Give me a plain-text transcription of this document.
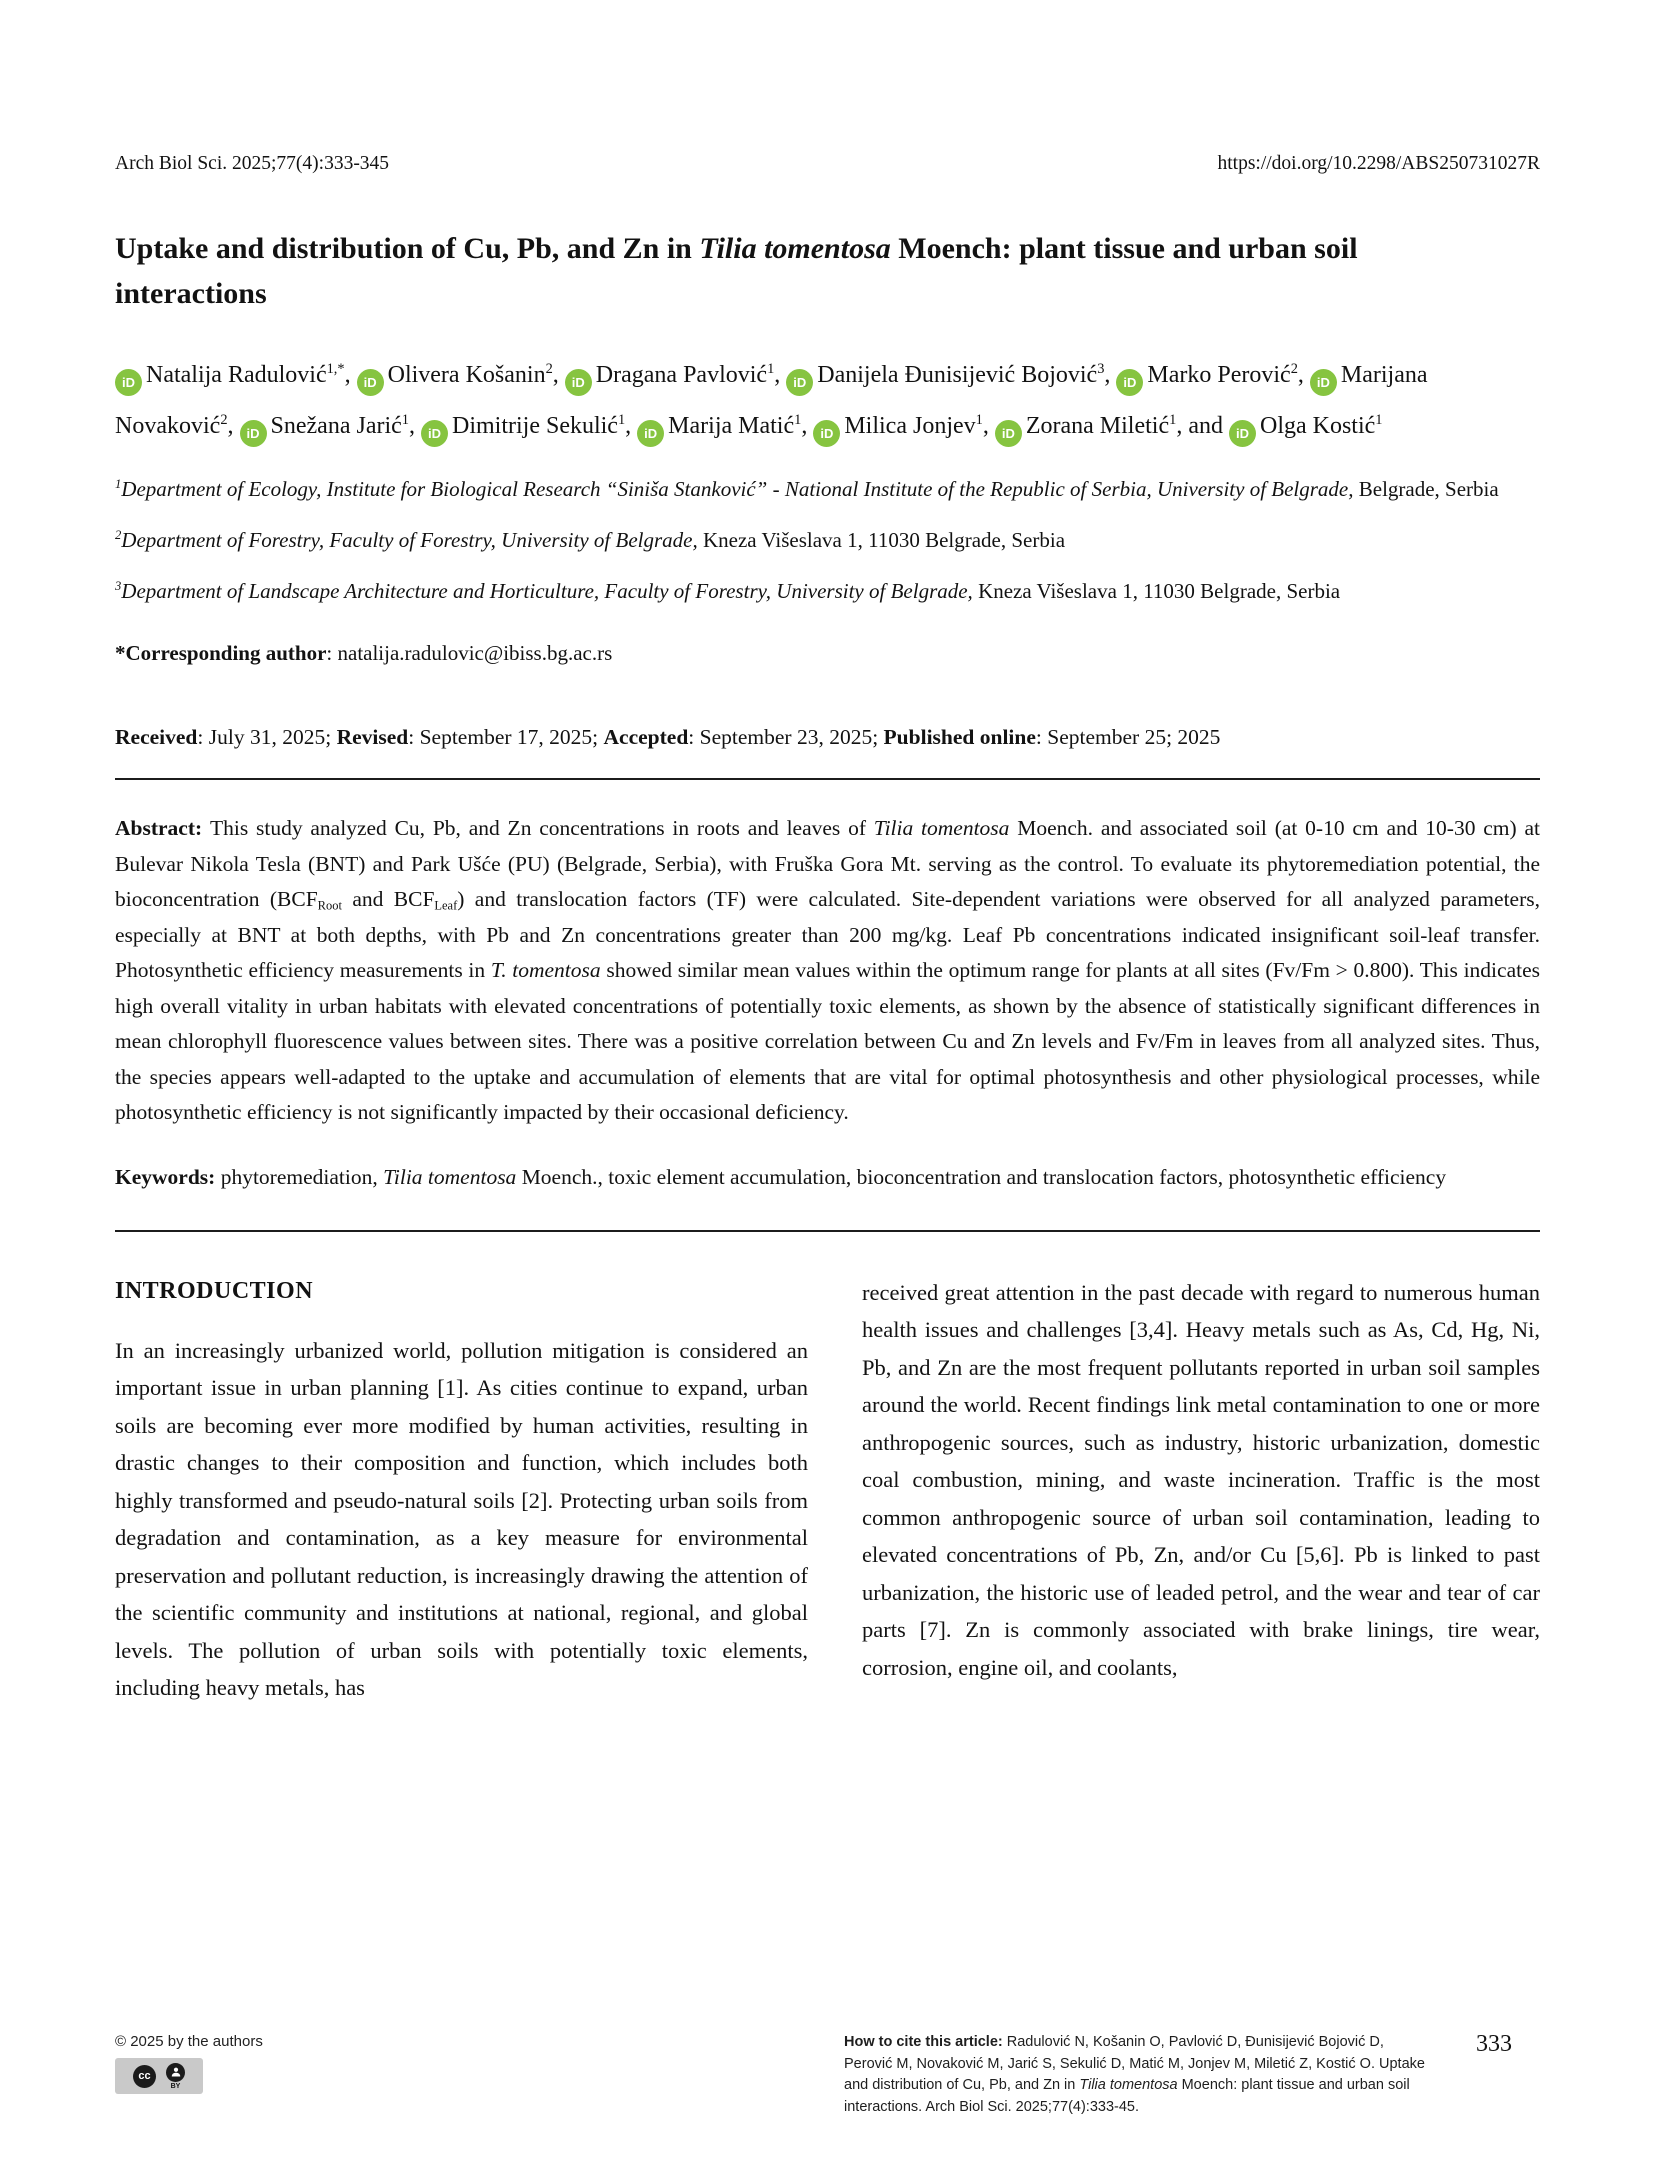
Arch Biol Sci. 2025;77(4):333-345	https://doi.org/10.2298/ABS250731027R
Uptake and distribution of Cu, Pb, and Zn in Tilia tomentosa Moench: plant tissue and urban soil interactions

iD Natalija Radulović$^{1,*}$, iD Olivera Košanin$^2$, iD Dragana Pavlović$^1$, iD Danijela Đunisijević Bojović$^3$, iD Marko Perović$^2$, iD Marijana Novaković$^2$, iD Snežana Jarić$^1$, iD Dimitrije Sekulić$^1$, iD Marija Matić$^1$, iD Milica Jonjev$^1$, iD Zorana Miletić$^1$, and iD Olga Kostić$^1$

$^1$Department of Ecology, Institute for Biological Research “Siniša Stanković” - National Institute of the Republic of Serbia, University of Belgrade, Belgrade, Serbia

$^2$Department of Forestry, Faculty of Forestry, University of Belgrade, Kneza Višeslava 1, 11030 Belgrade, Serbia

$^3$Department of Landscape Architecture and Horticulture, Faculty of Forestry, University of Belgrade, Kneza Višeslava 1, 11030 Belgrade, Serbia

*Corresponding author: natalija.radulovic@ibiss.bg.ac.rs

Received: July 31, 2025; Revised: September 17, 2025; Accepted: September 23, 2025; Published online: September 25; 2025

Abstract: This study analyzed Cu, Pb, and Zn concentrations in roots and leaves of Tilia tomentosa Moench. and associated soil (at 0-10 cm and 10-30 cm) at Bulevar Nikola Tesla (BNT) and Park Ušće (PU) (Belgrade, Serbia), with Fruška Gora Mt. serving as the control. To evaluate its phytoremediation potential, the bioconcentration ($BCF_{Root}$ and $BCF_{Leaf}$) and translocation factors (TF) were calculated. Site-dependent variations were observed for all analyzed parameters, especially at BNT at both depths, with Pb and Zn concentrations greater than 200 mg/kg. Leaf Pb concentrations indicated insignificant soil-leaf transfer. Photosynthetic efficiency measurements in T. tomentosa showed similar mean values within the optimum range for plants at all sites (Fv/Fm > 0.800). This indicates high overall vitality in urban habitats with elevated concentrations of potentially toxic elements, as shown by the absence of statistically significant differences in mean chlorophyll fluorescence values between sites. There was a positive correlation between Cu and Zn levels and Fv/Fm in leaves from all analyzed sites. Thus, the species appears well-adapted to the uptake and accumulation of elements that are vital for optimal photosynthesis and other physiological processes, while photosynthetic efficiency is not significantly impacted by their occasional deficiency.

Keywords: phytoremediation, Tilia tomentosa Moench., toxic element accumulation, bioconcentration and translocation factors, photosynthetic efficiency

INTRODUCTION

In an increasingly urbanized world, pollution mitigation is considered an important issue in urban planning [1]. As cities continue to expand, urban soils are becoming ever more modified by human activities, resulting in drastic changes to their composition and function, which includes both highly transformed and pseudo-natural soils [2]. Protecting urban soils from degradation and contamination, as a key measure for environmental preservation and pollutant reduction, is increasingly drawing the attention of the scientific community and institutions at national, regional, and global levels. The pollution of urban soils with potentially toxic elements, including heavy metals, has

received great attention in the past decade with regard to numerous human health issues and challenges [3,4]. Heavy metals such as As, Cd, Hg, Ni, Pb, and Zn are the most frequent pollutants reported in urban soil samples around the world. Recent findings link metal contamination to one or more anthropogenic sources, such as industry, historic urbanization, domestic coal combustion, mining, and waste incineration. Traffic is the most common anthropogenic source of urban soil contamination, leading to elevated concentrations of Pb, Zn, and/or Cu [5,6]. Pb is linked to past urbanization, the historic use of leaded petrol, and the wear and tear of car parts [7]. Zn is commonly associated with brake linings, tire wear, corrosion, engine oil, and coolants,

© 2025 by the authors

cc
BY

How to cite this article: Radulović N, Košanin O, Pavlović D, Đunisijević Bojović D, Perović M, Novaković M, Jarić S, Sekulić D, Matić M, Jonjev M, Miletić Z, Kostić O. Uptake and distribution of Cu, Pb, and Zn in Tilia tomentosa Moench: plant tissue and urban soil interactions. Arch Biol Sci. 2025;77(4):333-45.

333
